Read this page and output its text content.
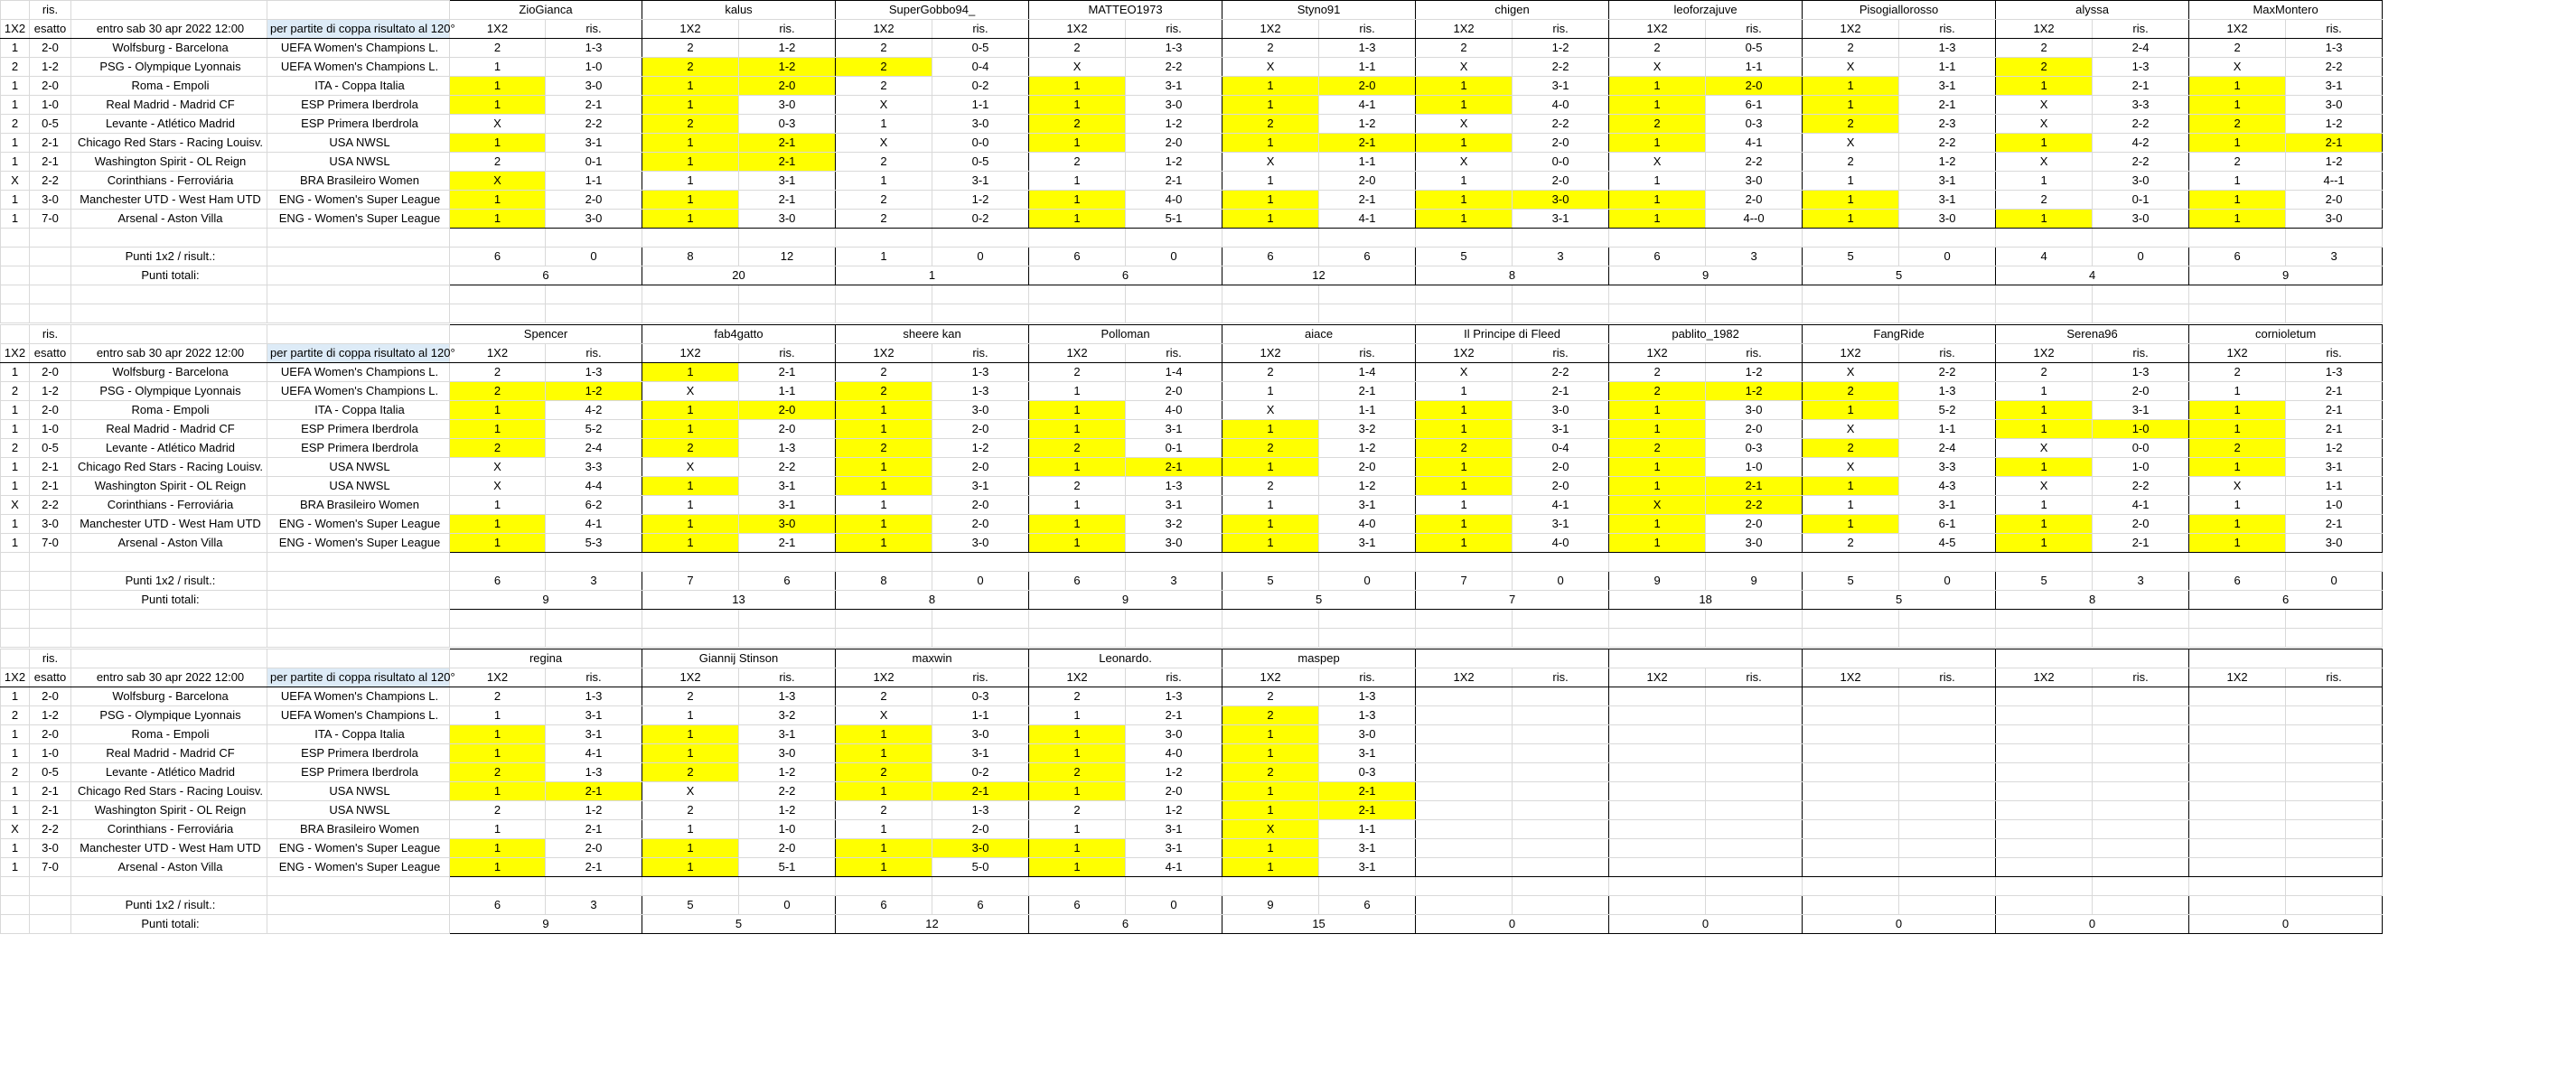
	ris.			ZioGianca		kalus		SuperGobbo94_		MATTEO1973		Styno91		chigen		leoforzajuve		Pisogiallorosso		alyssa		MaxMontero	
1X2	esatto	entro sab 30 apr 2022 12:00	per partite di coppa risultato al 120°	1X2	ris.	1X2	ris.	1X2	ris.	1X2	ris.	1X2	ris.	1X2	ris.	1X2	ris.	1X2	ris.	1X2	ris.	1X2	ris.
1	2-0	Wolfsburg - Barcelona	UEFA Women's Champions L.	2	1-3	2	1-2	2	0-5	2	1-3	2	1-3	2	1-2	2	0-5	2	1-3	2	2-4	2	1-3
2	1-2	PSG - Olympique Lyonnais	UEFA Women's Champions L.	1	1-0	2	1-2	2	0-4	X	2-2	X	1-1	X	2-2	X	1-1	X	1-1	2	1-3	X	2-2
1	2-0	Roma - Empoli	ITA - Coppa Italia	1	3-0	1	2-0	2	0-2	1	3-1	1	2-0	1	3-1	1	2-0	1	3-1	1	2-1	1	3-1
1	1-0	Real Madrid - Madrid CF	ESP Primera Iberdrola	1	2-1	1	3-0	X	1-1	1	3-0	1	4-1	1	4-0	1	6-1	1	2-1	X	3-3	1	3-0
2	0-5	Levante - Atlético Madrid	ESP Primera Iberdrola	X	2-2	2	0-3	1	3-0	2	1-2	2	1-2	X	2-2	2	0-3	2	2-3	X	2-2	2	1-2
1	2-1	Chicago Red Stars - Racing Louisv.	USA NWSL	1	3-1	1	2-1	X	0-0	1	2-0	1	2-1	1	2-0	1	4-1	X	2-2	1	4-2	1	2-1
1	2-1	Washington Spirit - OL Reign	USA NWSL	2	0-1	1	2-1	2	0-5	2	1-2	X	1-1	X	0-0	X	2-2	2	1-2	X	2-2	2	1-2
X	2-2	Corinthians - Ferroviária	BRA Brasileiro Women	X	1-1	1	3-1	1	3-1	1	2-1	1	2-0	1	2-0	1	3-0	1	3-1	1	3-0	1	4--1
1	3-0	Manchester UTD - West Ham UTD	ENG - Women's Super League	1	2-0	1	2-1	2	1-2	1	4-0	1	2-1	1	3-0	1	2-0	1	3-1	2	0-1	1	2-0
1	7-0	Arsenal - Aston Villa	ENG - Women's Super League	1	3-0	1	3-0	2	0-2	1	5-1	1	4-1	1	3-1	1	4--0	1	3-0	1	3-0	1	3-0

		Punti 1x2 / risult.:		6	0	8	12	1	0	6	0	6	6	5	3	6	3	5	0	4	0	6	3
		Punti totali:		6		20		1		6		12		8		9		5		4		9	

	ris.			Spencer		fab4gatto		sheere kan		Polloman		aiace		Il Principe di Fleed		pablito_1982		FangRide		Serena96		cornioletum	
1X2	esatto	entro sab 30 apr 2022 12:00	per partite di coppa risultato al 120°	1X2	ris.	1X2	ris.	1X2	ris.	1X2	ris.	1X2	ris.	1X2	ris.	1X2	ris.	1X2	ris.	1X2	ris.	1X2	ris.
1	2-0	Wolfsburg - Barcelona	UEFA Women's Champions L.	2	1-3	1	2-1	2	1-3	2	1-4	2	1-4	X	2-2	2	1-2	X	2-2	2	1-3	2	1-3
2	1-2	PSG - Olympique Lyonnais	UEFA Women's Champions L.	2	1-2	X	1-1	2	1-3	1	2-0	1	2-1	1	2-1	2	1-2	2	1-3	1	2-0	1	2-1
1	2-0	Roma - Empoli	ITA - Coppa Italia	1	4-2	1	2-0	1	3-0	1	4-0	X	1-1	1	3-0	1	3-0	1	5-2	1	3-1	1	2-1
1	1-0	Real Madrid - Madrid CF	ESP Primera Iberdrola	1	5-2	1	2-0	1	2-0	1	3-1	1	3-2	1	3-1	1	2-0	X	1-1	1	1-0	1	2-1
2	0-5	Levante - Atlético Madrid	ESP Primera Iberdrola	2	2-4	2	1-3	2	1-2	2	0-1	2	1-2	2	0-4	2	0-3	2	2-4	X	0-0	2	1-2
1	2-1	Chicago Red Stars - Racing Louisv.	USA NWSL	X	3-3	X	2-2	1	2-0	1	2-1	1	2-0	1	2-0	1	1-0	X	3-3	1	1-0	1	3-1
1	2-1	Washington Spirit - OL Reign	USA NWSL	X	4-4	1	3-1	1	3-1	2	1-3	2	1-2	1	2-0	1	2-1	1	4-3	X	2-2	X	1-1
X	2-2	Corinthians - Ferroviária	BRA Brasileiro Women	1	6-2	1	3-1	1	2-0	1	3-1	1	3-1	1	4-1	X	2-2	1	3-1	1	4-1	1	1-0
1	3-0	Manchester UTD - West Ham UTD	ENG - Women's Super League	1	4-1	1	3-0	1	2-0	1	3-2	1	4-0	1	3-1	1	2-0	1	6-1	1	2-0	1	2-1
1	7-0	Arsenal - Aston Villa	ENG - Women's Super League	1	5-3	1	2-1	1	3-0	1	3-0	1	3-1	1	4-0	1	3-0	2	4-5	1	2-1	1	3-0

		Punti 1x2 / risult.:		6	3	7	6	8	0	6	3	5	0	7	0	9	9	5	0	5	3	6	0
		Punti totali:		9		13		8		9		5		7		18		5		8		6	

	ris.			regina		Giannij Stinson		maxwin		Leonardo.		maspep											
1X2	esatto	entro sab 30 apr 2022 12:00	per partite di coppa risultato al 120°	1X2	ris.	1X2	ris.	1X2	ris.	1X2	ris.	1X2	ris.	1X2	ris.	1X2	ris.	1X2	ris.	1X2	ris.	1X2	ris.
1	2-0	Wolfsburg - Barcelona	UEFA Women's Champions L.	2	1-3	2	1-3	2	0-3	2	1-3	2	1-3										
2	1-2	PSG - Olympique Lyonnais	UEFA Women's Champions L.	1	3-1	1	3-2	X	1-1	1	2-1	2	1-3										
1	2-0	Roma - Empoli	ITA - Coppa Italia	1	3-1	1	3-1	1	3-0	1	3-0	1	3-0										
1	1-0	Real Madrid - Madrid CF	ESP Primera Iberdrola	1	4-1	1	3-0	1	3-1	1	4-0	1	3-1										
2	0-5	Levante - Atlético Madrid	ESP Primera Iberdrola	2	1-3	2	1-2	2	0-2	2	1-2	2	0-3										
1	2-1	Chicago Red Stars - Racing Louisv.	USA NWSL	1	2-1	X	2-2	1	2-1	1	2-0	1	2-1										
1	2-1	Washington Spirit - OL Reign	USA NWSL	2	1-2	2	1-2	2	1-3	2	1-2	1	2-1										
X	2-2	Corinthians - Ferroviária	BRA Brasileiro Women	1	2-1	1	1-0	1	2-0	1	3-1	X	1-1										
1	3-0	Manchester UTD - West Ham UTD	ENG - Women's Super League	1	2-0	1	2-0	1	3-0	1	3-1	1	3-1										
1	7-0	Arsenal - Aston Villa	ENG - Women's Super League	1	2-1	1	5-1	1	5-0	1	4-1	1	3-1										

		Punti 1x2 / risult.:		6	3	5	0	6	6	6	0	9	6										
		Punti totali:		9		5		12		6		15		0		0		0		0		0	
